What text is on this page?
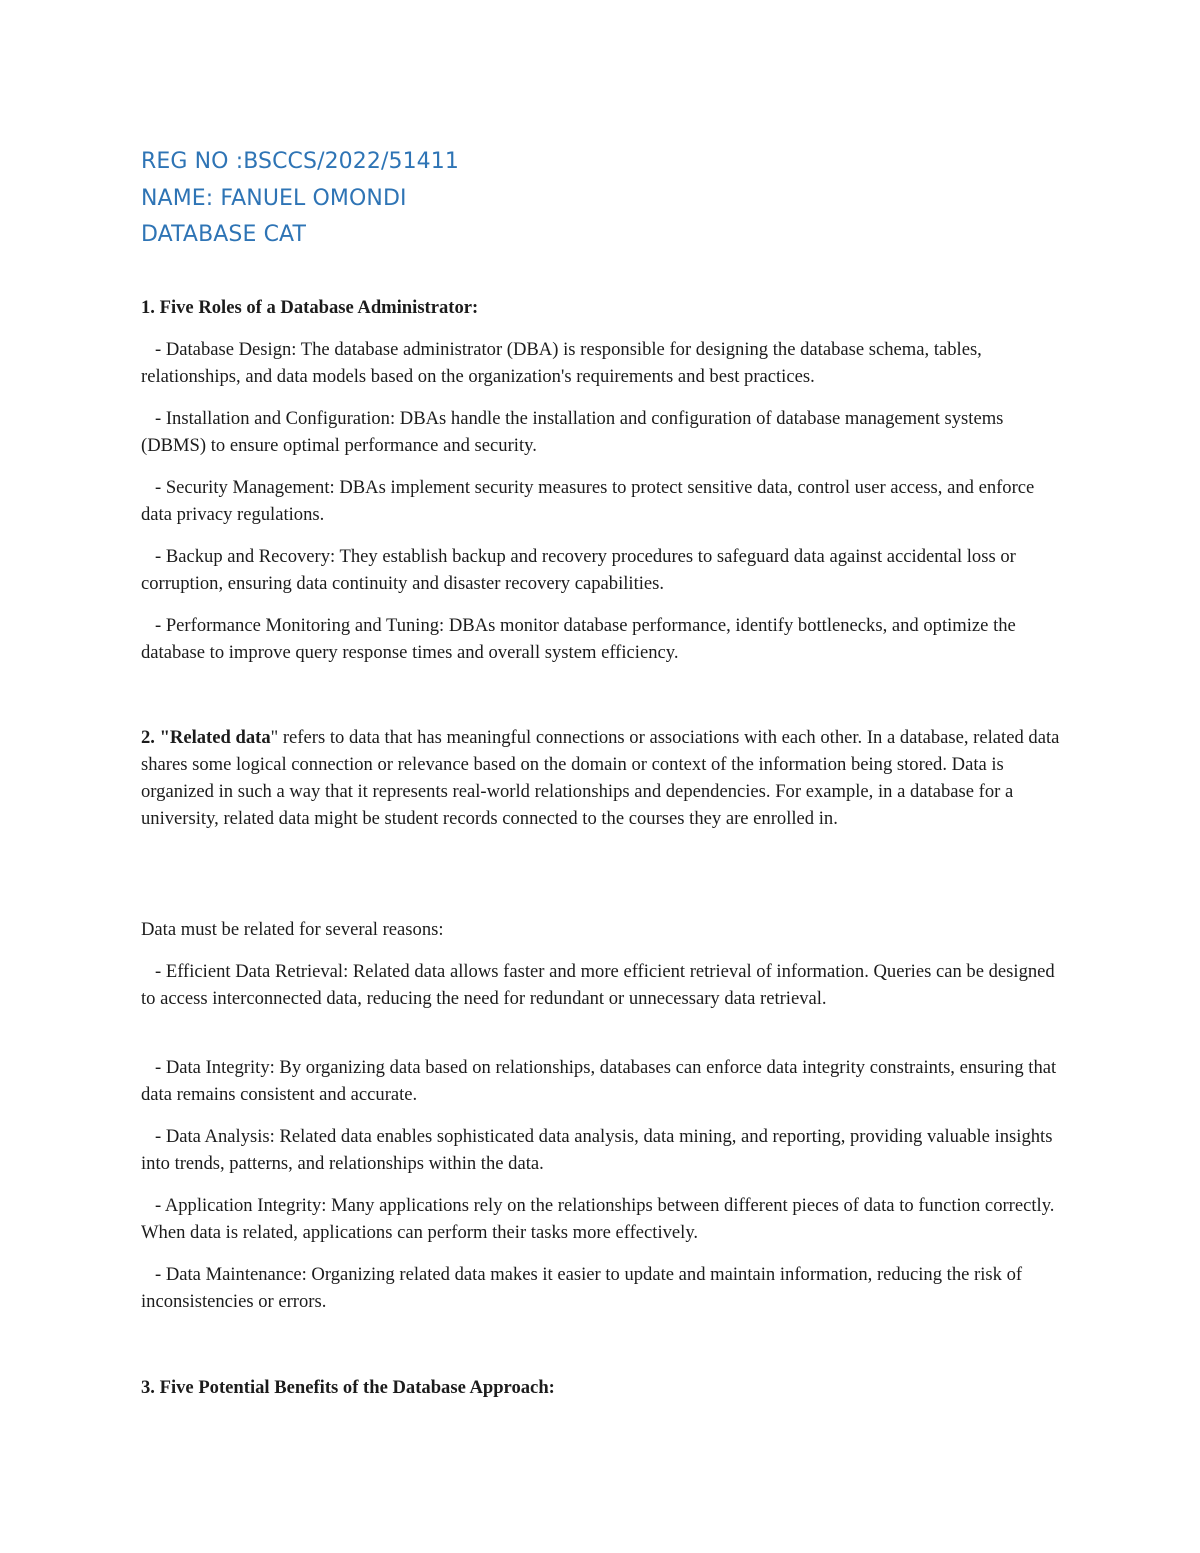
REG NO :BSCCS/2022/51411
NAME: FANUEL OMONDI
DATABASE CAT
1. Five Roles of a Database Administrator:

- Database Design: The database administrator (DBA) is responsible for designing the database schema, tables, relationships, and data models based on the organization's requirements and best practices.

- Installation and Configuration: DBAs handle the installation and configuration of database management systems (DBMS) to ensure optimal performance and security.

- Security Management: DBAs implement security measures to protect sensitive data, control user access, and enforce data privacy regulations.

- Backup and Recovery: They establish backup and recovery procedures to safeguard data against accidental loss or corruption, ensuring data continuity and disaster recovery capabilities.

- Performance Monitoring and Tuning: DBAs monitor database performance, identify bottlenecks, and optimize the database to improve query response times and overall system efficiency.

2. "Related data" refers to data that has meaningful connections or associations with each other. In a database, related data shares some logical connection or relevance based on the domain or context of the information being stored. Data is organized in such a way that it represents real-world relationships and dependencies. For example, in a database for a university, related data might be student records connected to the courses they are enrolled in.

Data must be related for several reasons:

- Efficient Data Retrieval: Related data allows faster and more efficient retrieval of information. Queries can be designed to access interconnected data, reducing the need for redundant or unnecessary data retrieval.

- Data Integrity: By organizing data based on relationships, databases can enforce data integrity constraints, ensuring that data remains consistent and accurate.

- Data Analysis: Related data enables sophisticated data analysis, data mining, and reporting, providing valuable insights into trends, patterns, and relationships within the data.

- Application Integrity: Many applications rely on the relationships between different pieces of data to function correctly. When data is related, applications can perform their tasks more effectively.

- Data Maintenance: Organizing related data makes it easier to update and maintain information, reducing the risk of inconsistencies or errors.

3. Five Potential Benefits of the Database Approach:
